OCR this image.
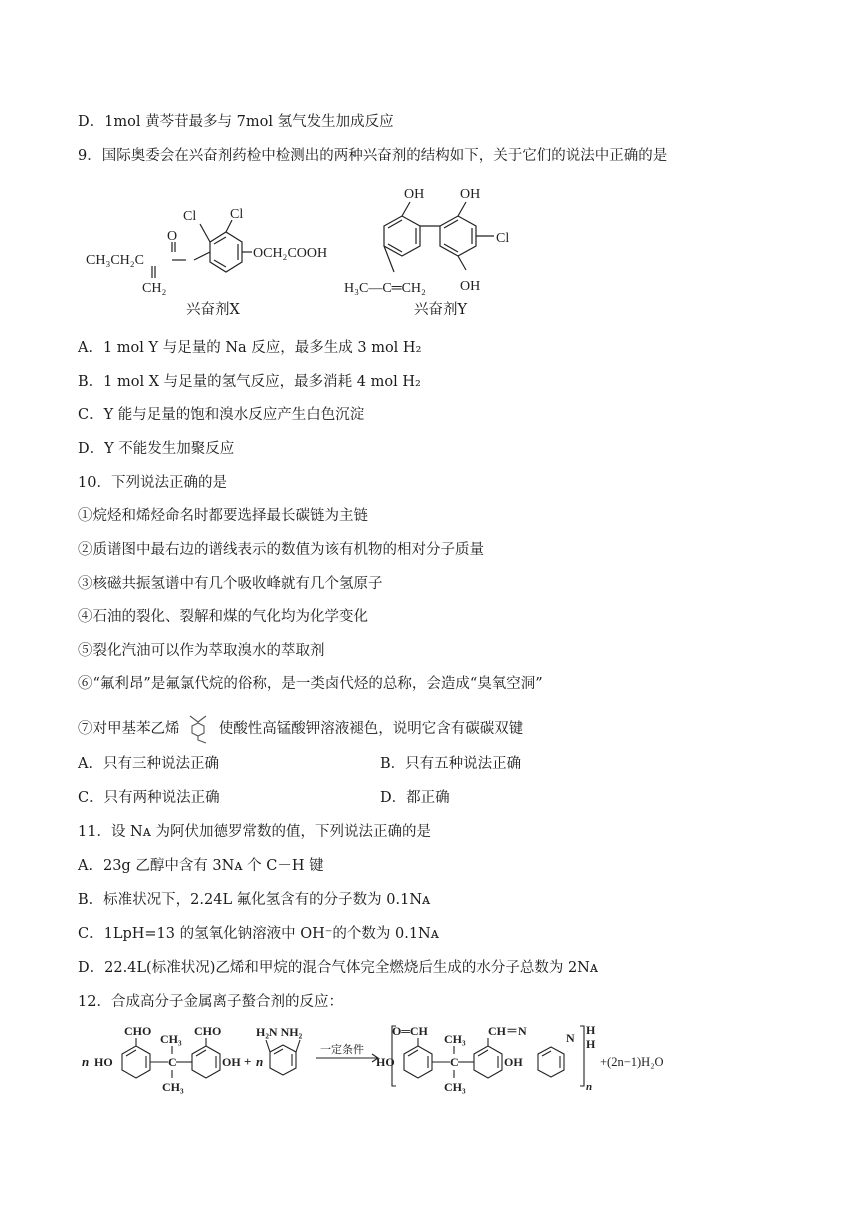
D．1mol 黄芩苷最多与 7mol 氢气发生加成反应
9．国际奥委会在兴奋剂药检中检测出的两种兴奋剂的结构如下，关于它们的说法中正确的是
Cl Cl
O
CH₃CH₂C	OCH₂COOH
CH₂
兴奋剂X
OH	OH
Cl
OH
H₃C—C═CH₂
兴奋剂Y
A．1 mol Y 与足量的 Na 反应，最多生成 3 mol H₂
B．1 mol X 与足量的氢气反应，最多消耗 4 mol H₂
C．Y 能与足量的饱和溴水反应产生白色沉淀
D．Y 不能发生加聚反应
10．下列说法正确的是
①烷烃和烯烃命名时都要选择最长碳链为主链
②质谱图中最右边的谱线表示的数值为该有机物的相对分子质量
③核磁共振氢谱中有几个吸收峰就有几个氢原子
④石油的裂化、裂解和煤的气化均为化学变化
⑤裂化汽油可以作为萃取溴水的萃取剂
⑥“氟利昂”是氟氯代烷的俗称，是一类卤代烃的总称，会造成“臭氧空洞”
⑦对甲基苯乙烯	使酸性高锰酸钾溶液褪色，说明它含有碳碳双键
A．只有三种说法正确	B．只有五种说法正确
C．只有两种说法正确	D．都正确
11．设 Nᴀ 为阿伏加德罗常数的值，下列说法正确的是
A．23g 乙醇中含有 3Nᴀ 个 C－H 键
B．标准状况下，2.24L 氟化氢含有的分子数为 0.1Nᴀ
C．1LpH=13 的氢氧化钠溶液中 OH⁻的个数为 0.1Nᴀ
D．22.4L(标准状况)乙烯和甲烷的混合气体完全燃烧后生成的水分子总数为 2Nᴀ
12．合成高分子金属离子螯合剂的反应：
n HO
CHO
CH₃
CHO
C	OH + n
H₂N NH₂
CH₃
一定条件
O═CH
CH₃
CH＝N	N
H
H
n
HO	C	OH
CH₃
+(2n−1)H₂O
